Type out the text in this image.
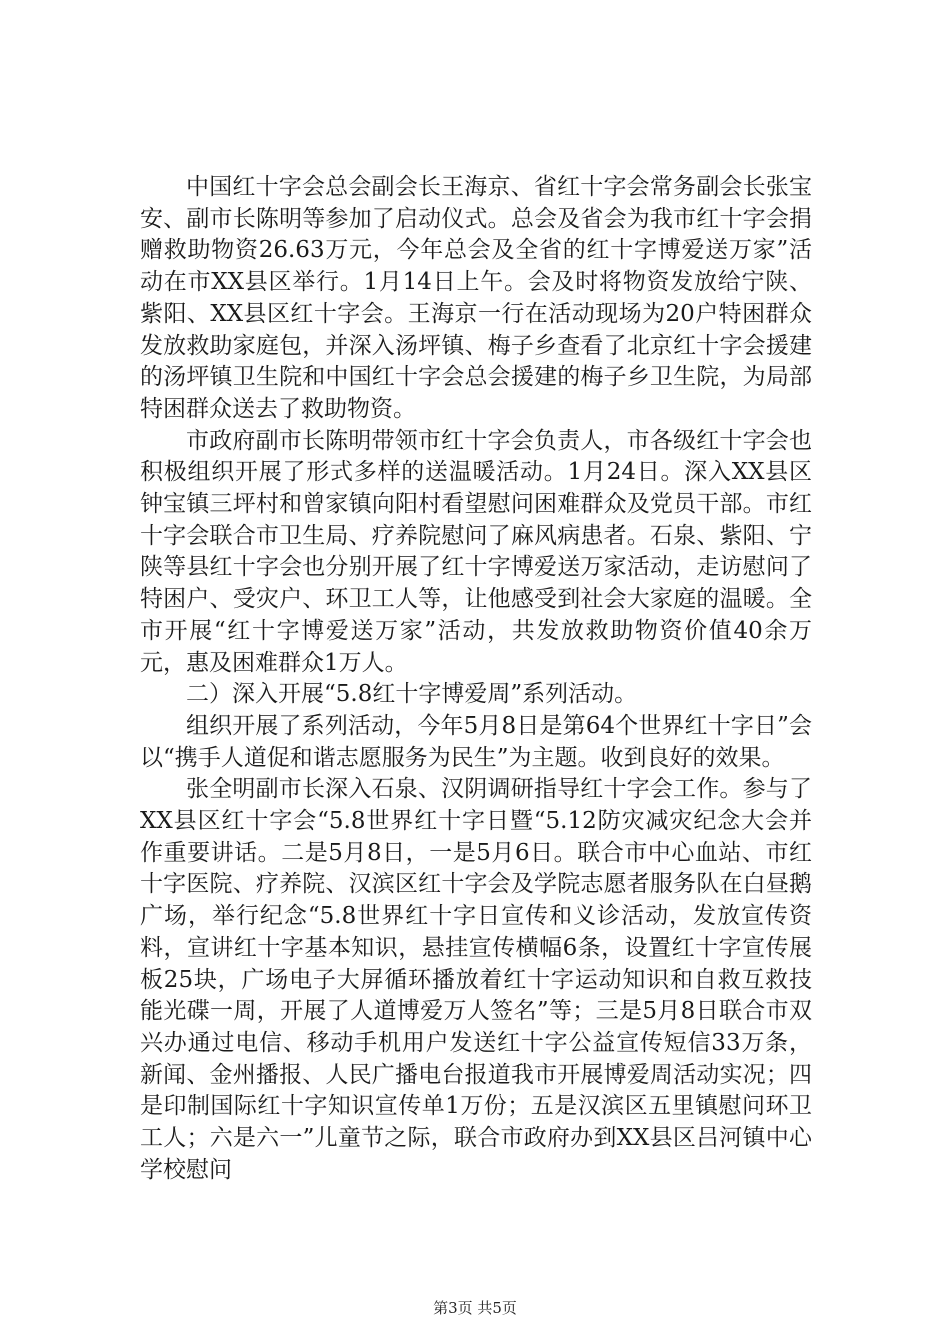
中国红十字会总会副会长王海京、省红十字会常务副会长张宝安、副市长陈明等参加了启动仪式。总会及省会为我市红十字会捐赠救助物资26.63万元，今年总会及全省的红十字博爱送万家”活动在市XX县区举行。1月14日上午。会及时将物资发放给宁陕、紫阳、XX县区红十字会。王海京一行在活动现场为20户特困群众发放救助家庭包，并深入汤坪镇、梅子乡查看了北京红十字会援建的汤坪镇卫生院和中国红十字会总会援建的梅子乡卫生院，为局部特困群众送去了救助物资。

市政府副市长陈明带领市红十字会负责人，市各级红十字会也积极组织开展了形式多样的送温暖活动。1月24日。深入XX县区钟宝镇三坪村和曾家镇向阳村看望慰问困难群众及党员干部。市红十字会联合市卫生局、疗养院慰问了麻风病患者。石泉、紫阳、宁陕等县红十字会也分别开展了红十字博爱送万家活动，走访慰问了特困户、受灾户、环卫工人等，让他感受到社会大家庭的温暖。全市开展“红十字博爱送万家”活动，共发放救助物资价值40余万元，惠及困难群众1万人。

二）深入开展“5.8红十字博爱周”系列活动。

组织开展了系列活动，今年5月8日是第64个世界红十字日”会以“携手人道促和谐志愿服务为民生”为主题。收到良好的效果。

张全明副市长深入石泉、汉阴调研指导红十字会工作。参与了XX县区红十字会“5.8世界红十字日暨“5.12防灾减灾纪念大会并作重要讲话。二是5月8日，一是5月6日。联合市中心血站、市红十字医院、疗养院、汉滨区红十字会及学院志愿者服务队在白昼鹅广场，举行纪念“5.8世界红十字日宣传和义诊活动，发放宣传资料，宣讲红十字基本知识，悬挂宣传横幅6条，设置红十字宣传展板25块，广场电子大屏循环播放着红十字运动知识和自救互救技能光碟一周，开展了人道博爱万人签名”等；三是5月8日联合市双兴办通过电信、移动手机用户发送红十字公益宣传短信33万条，新闻、金州播报、人民广播电台报道我市开展博爱周活动实况；四是印制国际红十字知识宣传单1万份；五是汉滨区五里镇慰问环卫工人；六是六一”儿童节之际，联合市政府办到XX县区吕河镇中心学校慰问

第3页 共5页
